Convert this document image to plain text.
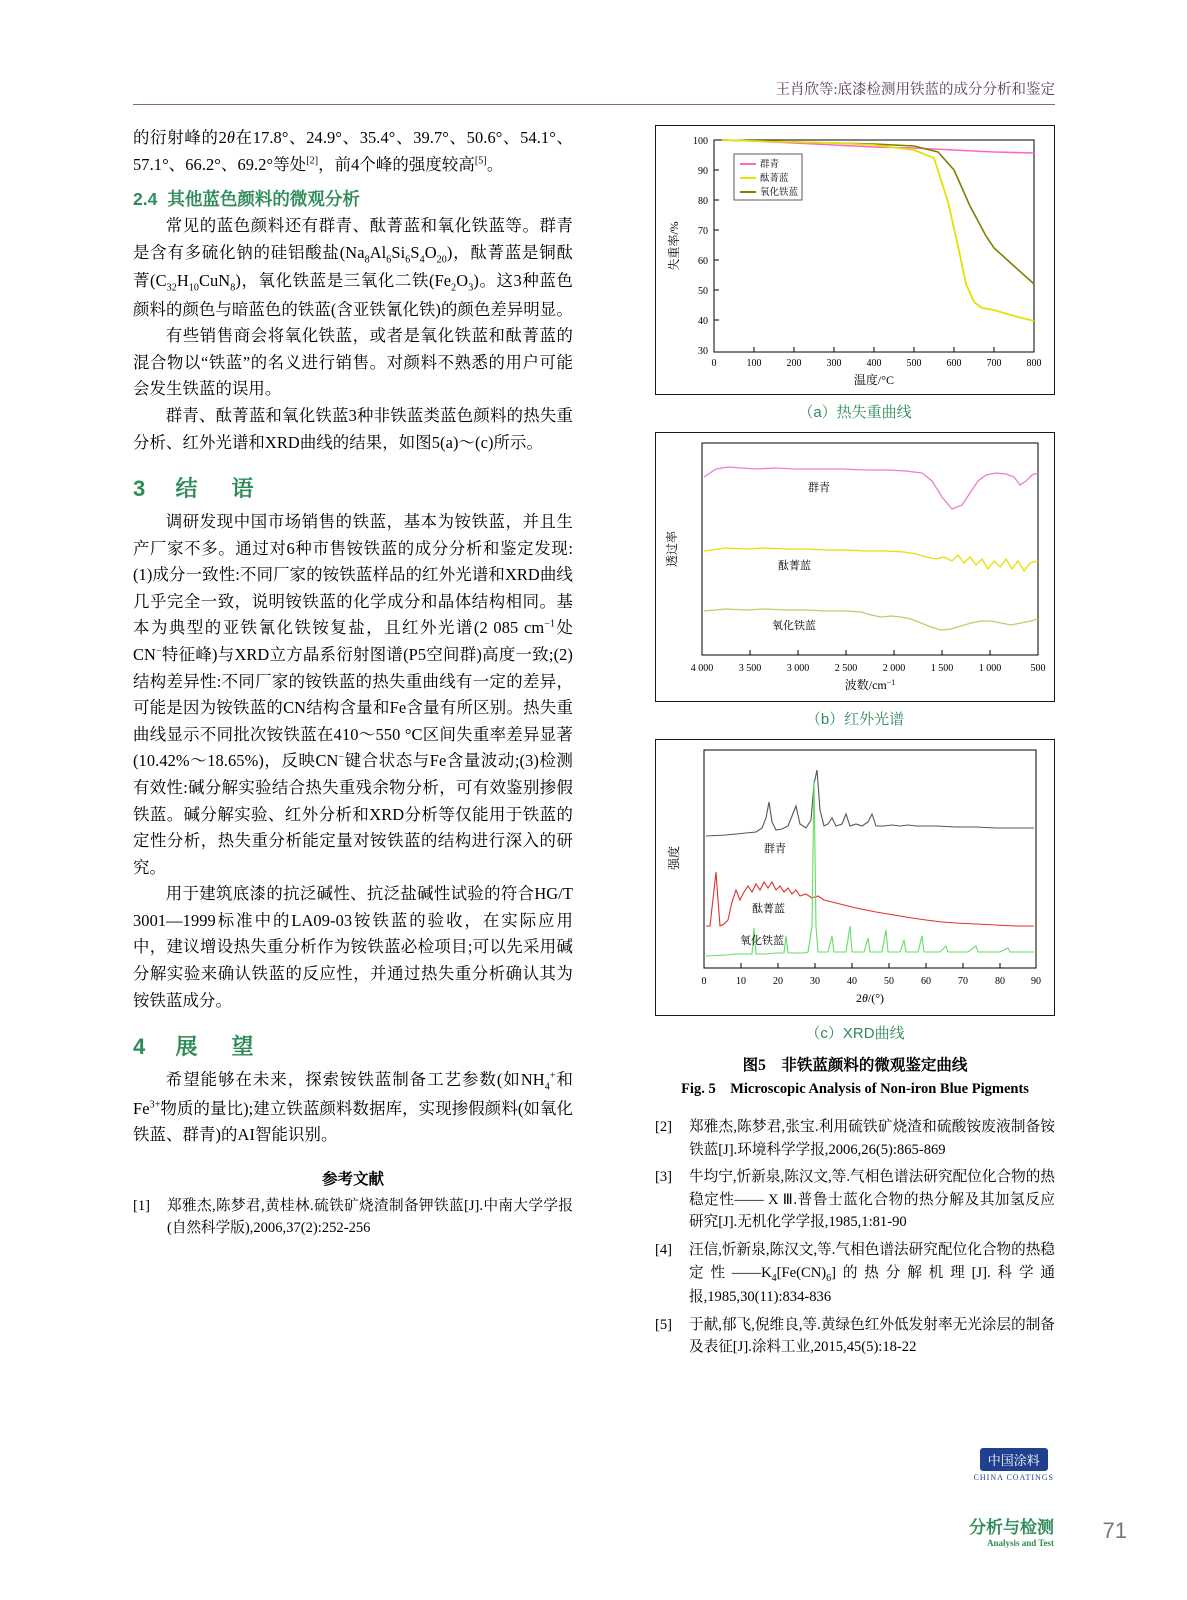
王肖欣等:底漆检测用铁蓝的成分分析和鉴定

的衍射峰的2θ在17.8°、24.9°、35.4°、39.7°、50.6°、54.1°、57.1°、66.2°、69.2°等处[2]，前4个峰的强度较高[5]。

2.4 其他蓝色颜料的微观分析

常见的蓝色颜料还有群青、酞菁蓝和氧化铁蓝等。群青是含有多硫化钠的硅铝酸盐$(Na_8Al_6Si_6S_4O_{20})$，酞菁蓝是铜酞菁$(C_{32}H_{10}CuN_8)$，氧化铁蓝是三氧化二铁$(Fe_2O_3)$。这3种蓝色颜料的颜色与暗蓝色的铁蓝(含亚铁氰化铁)的颜色差异明显。

有些销售商会将氧化铁蓝，或者是氧化铁蓝和酞菁蓝的混合物以“铁蓝”的名义进行销售。对颜料不熟悉的用户可能会发生铁蓝的误用。

群青、酞菁蓝和氧化铁蓝3种非铁蓝类蓝色颜料的热失重分析、红外光谱和XRD曲线的结果，如图5(a)～(c)所示。

3 结　语

调研发现中国市场销售的铁蓝，基本为铵铁蓝，并且生产厂家不多。通过对6种市售铵铁蓝的成分分析和鉴定发现:(1)成分一致性:不同厂家的铵铁蓝样品的红外光谱和XRD曲线几乎完全一致，说明铵铁蓝的化学成分和晶体结构相同。基本为典型的亚铁氰化铁铵复盐，且红外光谱(2 085 $cm^{-1}$处CN−特征峰)与XRD立方晶系衍射图谱(P5空间群)高度一致;(2)结构差异性:不同厂家的铵铁蓝的热失重曲线有一定的差异，可能是因为铵铁蓝的CN结构含量和Fe含量有所区别。热失重曲线显示不同批次铵铁蓝在410～550 °C区间失重率差异显著(10.42%～18.65%)，反映CN−键合状态与Fe含量波动;(3)检测有效性:碱分解实验结合热失重残余物分析，可有效鉴别掺假铁蓝。碱分解实验、红外分析和XRD分析等仅能用于铁蓝的定性分析，热失重分析能定量对铵铁蓝的结构进行深入的研究。

用于建筑底漆的抗泛碱性、抗泛盐碱性试验的符合HG/T 3001—1999标准中的LA09-03铵铁蓝的验收，在实际应用中，建议增设热失重分析作为铵铁蓝必检项目;可以先采用碱分解实验来确认铁蓝的反应性，并通过热失重分析确认其为铵铁蓝成分。

4 展　望

希望能够在未来，探索铵铁蓝制备工艺参数(如$NH_4^+$和$Fe^{3+}$物质的量比);建立铁蓝颜料数据库，实现掺假颜料(如氧化铁蓝、群青)的AI智能识别。

参考文献
[1]	郑雅杰,陈梦君,黄桂林.硫铁矿烧渣制备钾铁蓝[J].中南大学学报(自然科学版),2006,37(2):252-256
100
90
80
70
60
50
40
30
0	100	200	300	400	500	600	700	800
温度/°C
失重率/%
群青
酞菁蓝
氧化铁蓝
（a）热失重曲线
4 000	3 500	3 000	2 500	2 000	1 500	1 000	500
波数$/cm^{-1}$
透过率
群青
酞菁蓝
氧化铁蓝
（b）红外光谱
0	10	20	30	40	50	60	70	80	90
2θ/(°)
强度	群青
酞菁蓝
氧化铁蓝
（c）XRD曲线
图5　非铁蓝颜料的微观鉴定曲线
Fig. 5　Microscopic Analysis of Non-iron Blue Pigments
[2]	郑雅杰,陈梦君,张宝.利用硫铁矿烧渣和硫酸铵废液制备铵铁蓝[J].环境科学学报,2006,26(5):865-869
[3]	牛均宁,忻新泉,陈汉文,等.气相色谱法研究配位化合物的热稳定性—— X Ⅲ.普鲁士蓝化合物的热分解及其加氢反应研究[J].无机化学学报,1985,1:81-90
[4]	汪信,忻新泉,陈汉文,等.气相色谱法研究配位化合物的热稳定性$——K_4[Fe(CN)_6]$的热分解机理[J].科学通报,1985,30(11):834-836
[5]	于献,郁飞,倪维良,等.黄绿色红外低发射率无光涂层的制备及表征[J].涂料工业,2015,45(5):18-22
中国涂料
CHINA COATINGS
分析与检测
Analysis and Test 71
